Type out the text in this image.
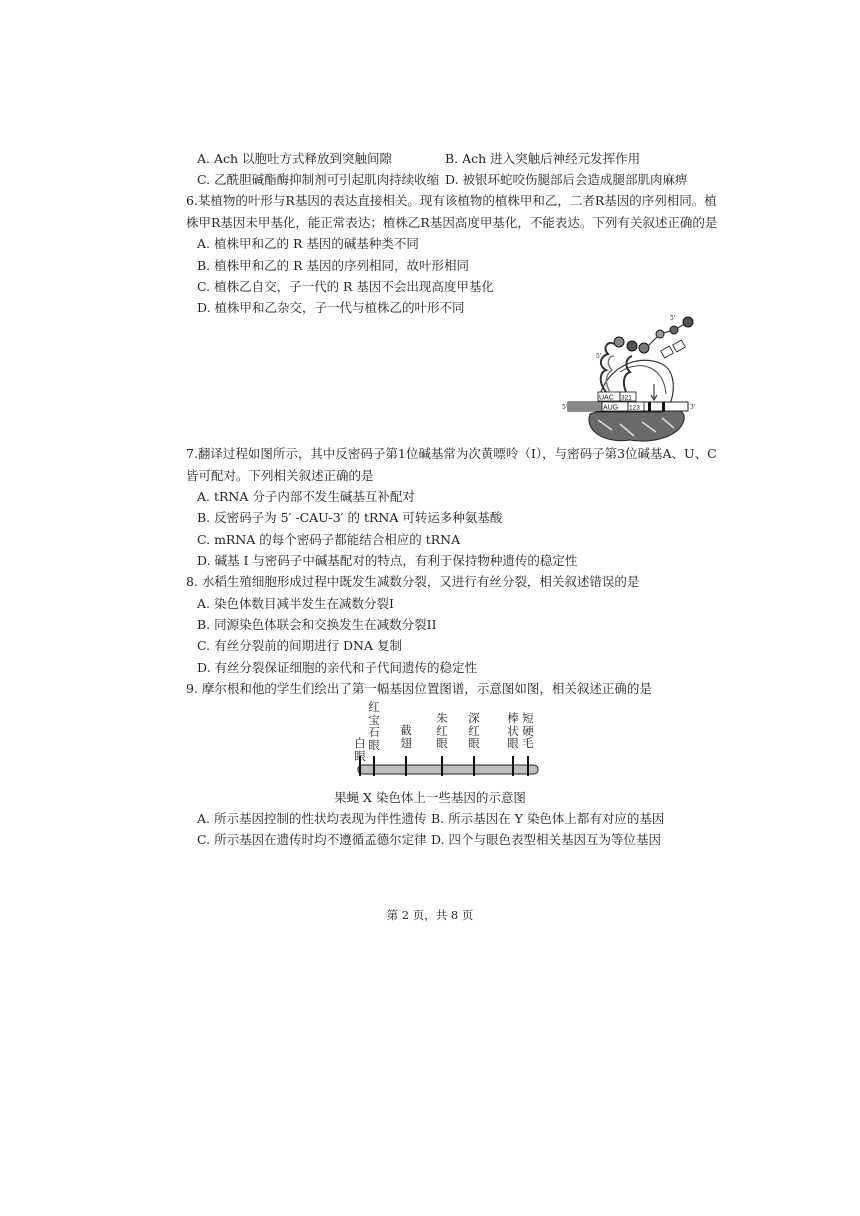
A. Ach 以胞吐方式释放到突触间隙	B. Ach 进入突触后神经元发挥作用
C. 乙酰胆碱酯酶抑制剂可引起肌肉持续收缩 D. 被银环蛇咬伤腿部后会造成腿部肌肉麻痹
6.某植物的叶形与R基因的表达直接相关。现有该植物的植株甲和乙，二者R基因的序列相同。植
株甲R基因未甲基化，能正常表达；植株乙R基因高度甲基化，不能表达。下列有关叙述正确的是
A. 植株甲和乙的 R 基因的碱基种类不同
B. 植株甲和乙的 R 基因的序列相同，故叶形相同
C. 植株乙自交，子一代的 R 基因不会出现高度甲基化
D. 植株甲和乙杂交，子一代与植株乙的叶形不同
5'	3'
AUG 123
UAC 321
5'
5'
7.翻译过程如图所示，其中反密码子第1位碱基常为次黄嘌呤（I），与密码子第3位碱基A、U、C
皆可配对。下列相关叙述正确的是
A. tRNA 分子内部不发生碱基互补配对
B. 反密码子为 5′ -CAU-3′ 的 tRNA 可转运多种氨基酸
C. mRNA 的每个密码子都能结合相应的 tRNA
D. 碱基 I 与密码子中碱基配对的特点，有利于保持物种遗传的稳定性
8. 水稻生殖细胞形成过程中既发生减数分裂，又进行有丝分裂，相关叙述错误的是
A. 染色体数目减半发生在减数分裂I
B. 同源染色体联会和交换发生在减数分裂II
C. 有丝分裂前的间期进行 DNA 复制
D. 有丝分裂保证细胞的亲代和子代间遗传的稳定性
9. 摩尔根和他的学生们绘出了第一幅基因位置图谱，示意图如图，相关叙述正确的是
白眼
红宝石眼
截翅
朱红眼
深红眼
棒状眼
短硬毛
果蝇 X 染色体上一些基因的示意图
A. 所示基因控制的性状均表现为伴性遗传 B. 所示基因在 Y 染色体上都有对应的基因
C. 所示基因在遗传时均不遵循孟德尔定律 D. 四个与眼色表型相关基因互为等位基因
第 2 页，共 8 页
